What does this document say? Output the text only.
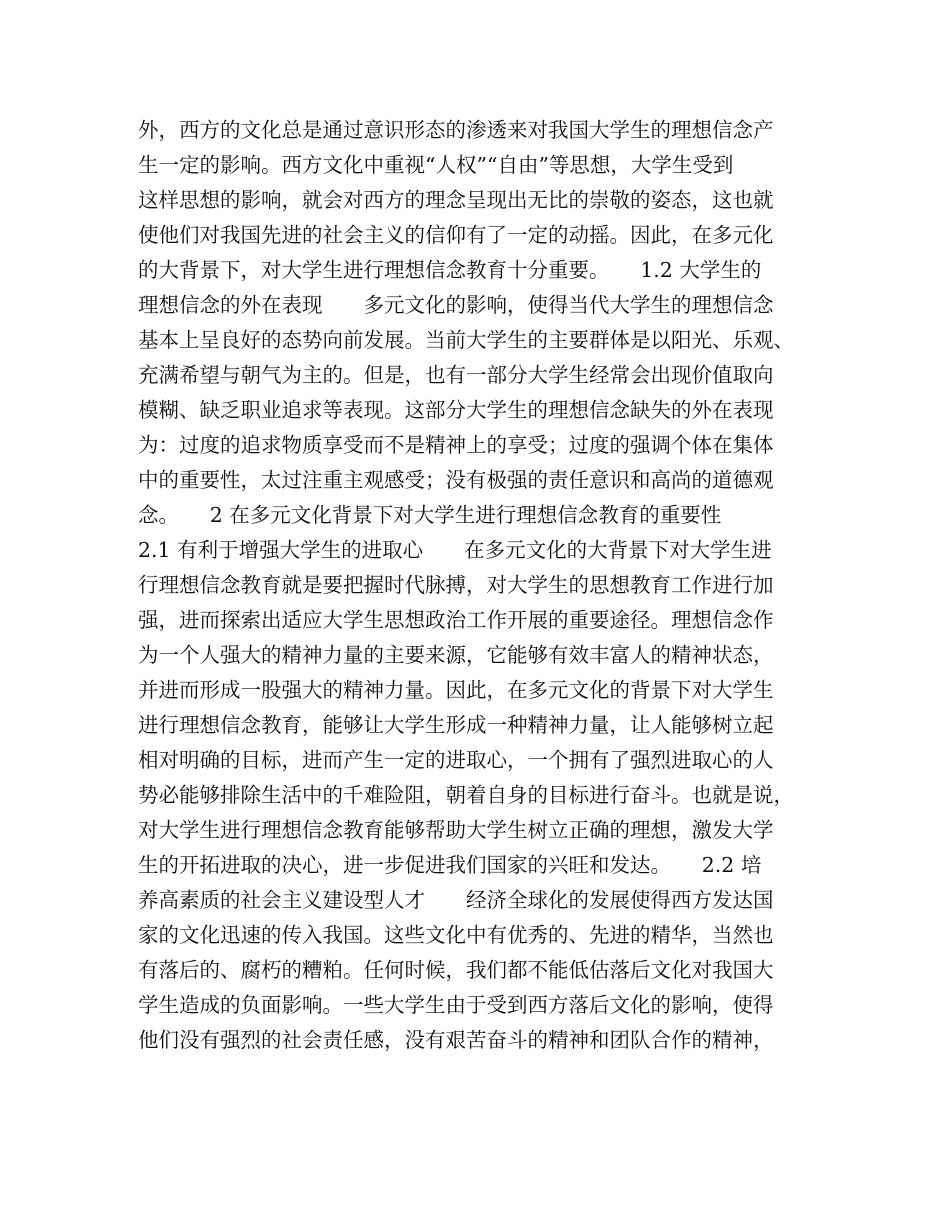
外，西方的文化总是通过意识形态的渗透来对我国大学生的理想信念产
生一定的影响。西方文化中重视“人权”“自由”等思想，大学生受到
这样思想的影响，就会对西方的理念呈现出无比的崇敬的姿态，这也就
使他们对我国先进的社会主义的信仰有了一定的动摇。因此，在多元化
的大背景下，对大学生进行理想信念教育十分重要。　　1.2 大学生的
理想信念的外在表现　　多元文化的影响，使得当代大学生的理想信念
基本上呈良好的态势向前发展。当前大学生的主要群体是以阳光、乐观、
充满希望与朝气为主的。但是，也有一部分大学生经常会出现价值取向
模糊、缺乏职业追求等表现。这部分大学生的理想信念缺失的外在表现
为：过度的追求物质享受而不是精神上的享受；过度的强调个体在集体
中的重要性，太过注重主观感受；没有极强的责任意识和高尚的道德观
念。　　2 在多元文化背景下对大学生进行理想信念教育的重要性
2.1 有利于增强大学生的进取心　　在多元文化的大背景下对大学生进
行理想信念教育就是要把握时代脉搏，对大学生的思想教育工作进行加
强，进而探索出适应大学生思想政治工作开展的重要途径。理想信念作
为一个人强大的精神力量的主要来源，它能够有效丰富人的精神状态，
并进而形成一股强大的精神力量。因此，在多元文化的背景下对大学生
进行理想信念教育，能够让大学生形成一种精神力量，让人能够树立起
相对明确的目标，进而产生一定的进取心，一个拥有了强烈进取心的人
势必能够排除生活中的千难险阻，朝着自身的目标进行奋斗。也就是说，
对大学生进行理想信念教育能够帮助大学生树立正确的理想，激发大学
生的开拓进取的决心，进一步促进我们国家的兴旺和发达。　　2.2 培
养高素质的社会主义建设型人才　　经济全球化的发展使得西方发达国
家的文化迅速的传入我国。这些文化中有优秀的、先进的精华，当然也
有落后的、腐朽的糟粕。任何时候，我们都不能低估落后文化对我国大
学生造成的负面影响。一些大学生由于受到西方落后文化的影响，使得
他们没有强烈的社会责任感，没有艰苦奋斗的精神和团队合作的精神，
